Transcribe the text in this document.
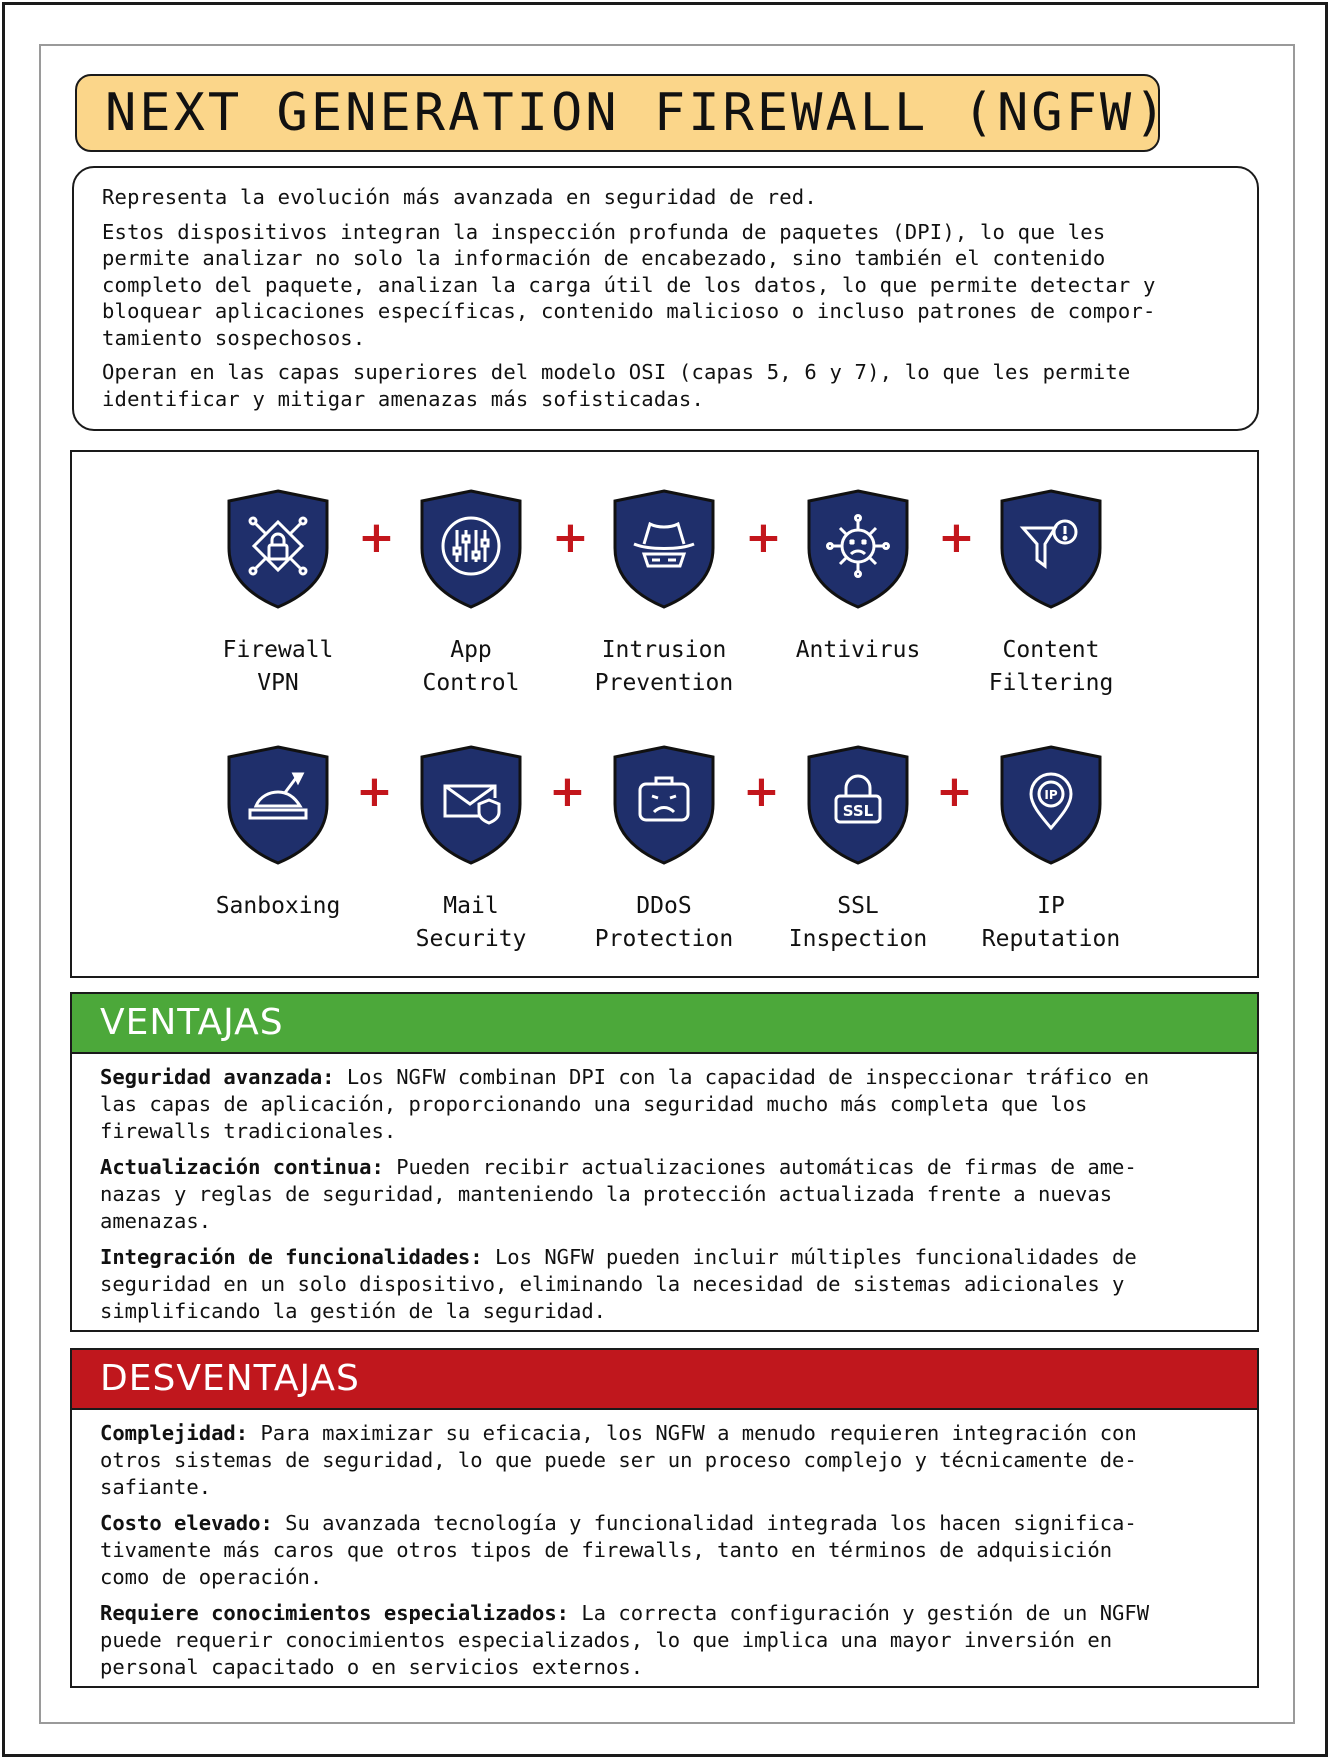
NEXT GENERATION FIREWALL (NGFW)

Representa la evolución más avanzada en seguridad de red.

Estos dispositivos integran la inspección profunda de paquetes (DPI), lo que les
permite analizar no solo la información de encabezado, sino también el contenido
completo del paquete, analizan la carga útil de los datos, lo que permite detectar y
bloquear aplicaciones específicas, contenido malicioso o incluso patrones de compor-
tamiento sospechosos.

Operan en las capas superiores del modelo OSI (capas 5, 6 y 7), lo que les permite
identificar y mitigar amenazas más sofisticadas.

Firewall
VPN
+
App
Control
+
Intrusion
Prevention
+
Antivirus
+
Content
Filtering
Sanboxing
+
Mail
Security
+
DDoS
Protection
+	SSL
SSL
Inspection
+	IP
IP
Reputation
VENTAJAS

Seguridad avanzada: Los NGFW combinan DPI con la capacidad de inspeccionar tráfico en
las capas de aplicación, proporcionando una seguridad mucho más completa que los
firewalls tradicionales.

Actualización continua: Pueden recibir actualizaciones automáticas de firmas de ame-
nazas y reglas de seguridad, manteniendo la protección actualizada frente a nuevas
amenazas.

Integración de funcionalidades: Los NGFW pueden incluir múltiples funcionalidades de
seguridad en un solo dispositivo, eliminando la necesidad de sistemas adicionales y
simplificando la gestión de la seguridad.

DESVENTAJAS

Complejidad: Para maximizar su eficacia, los NGFW a menudo requieren integración con
otros sistemas de seguridad, lo que puede ser un proceso complejo y técnicamente de-
safiante.

Costo elevado: Su avanzada tecnología y funcionalidad integrada los hacen significa-
tivamente más caros que otros tipos de firewalls, tanto en términos de adquisición
como de operación.

Requiere conocimientos especializados: La correcta configuración y gestión de un NGFW
puede requerir conocimientos especializados, lo que implica una mayor inversión en
personal capacitado o en servicios externos.
